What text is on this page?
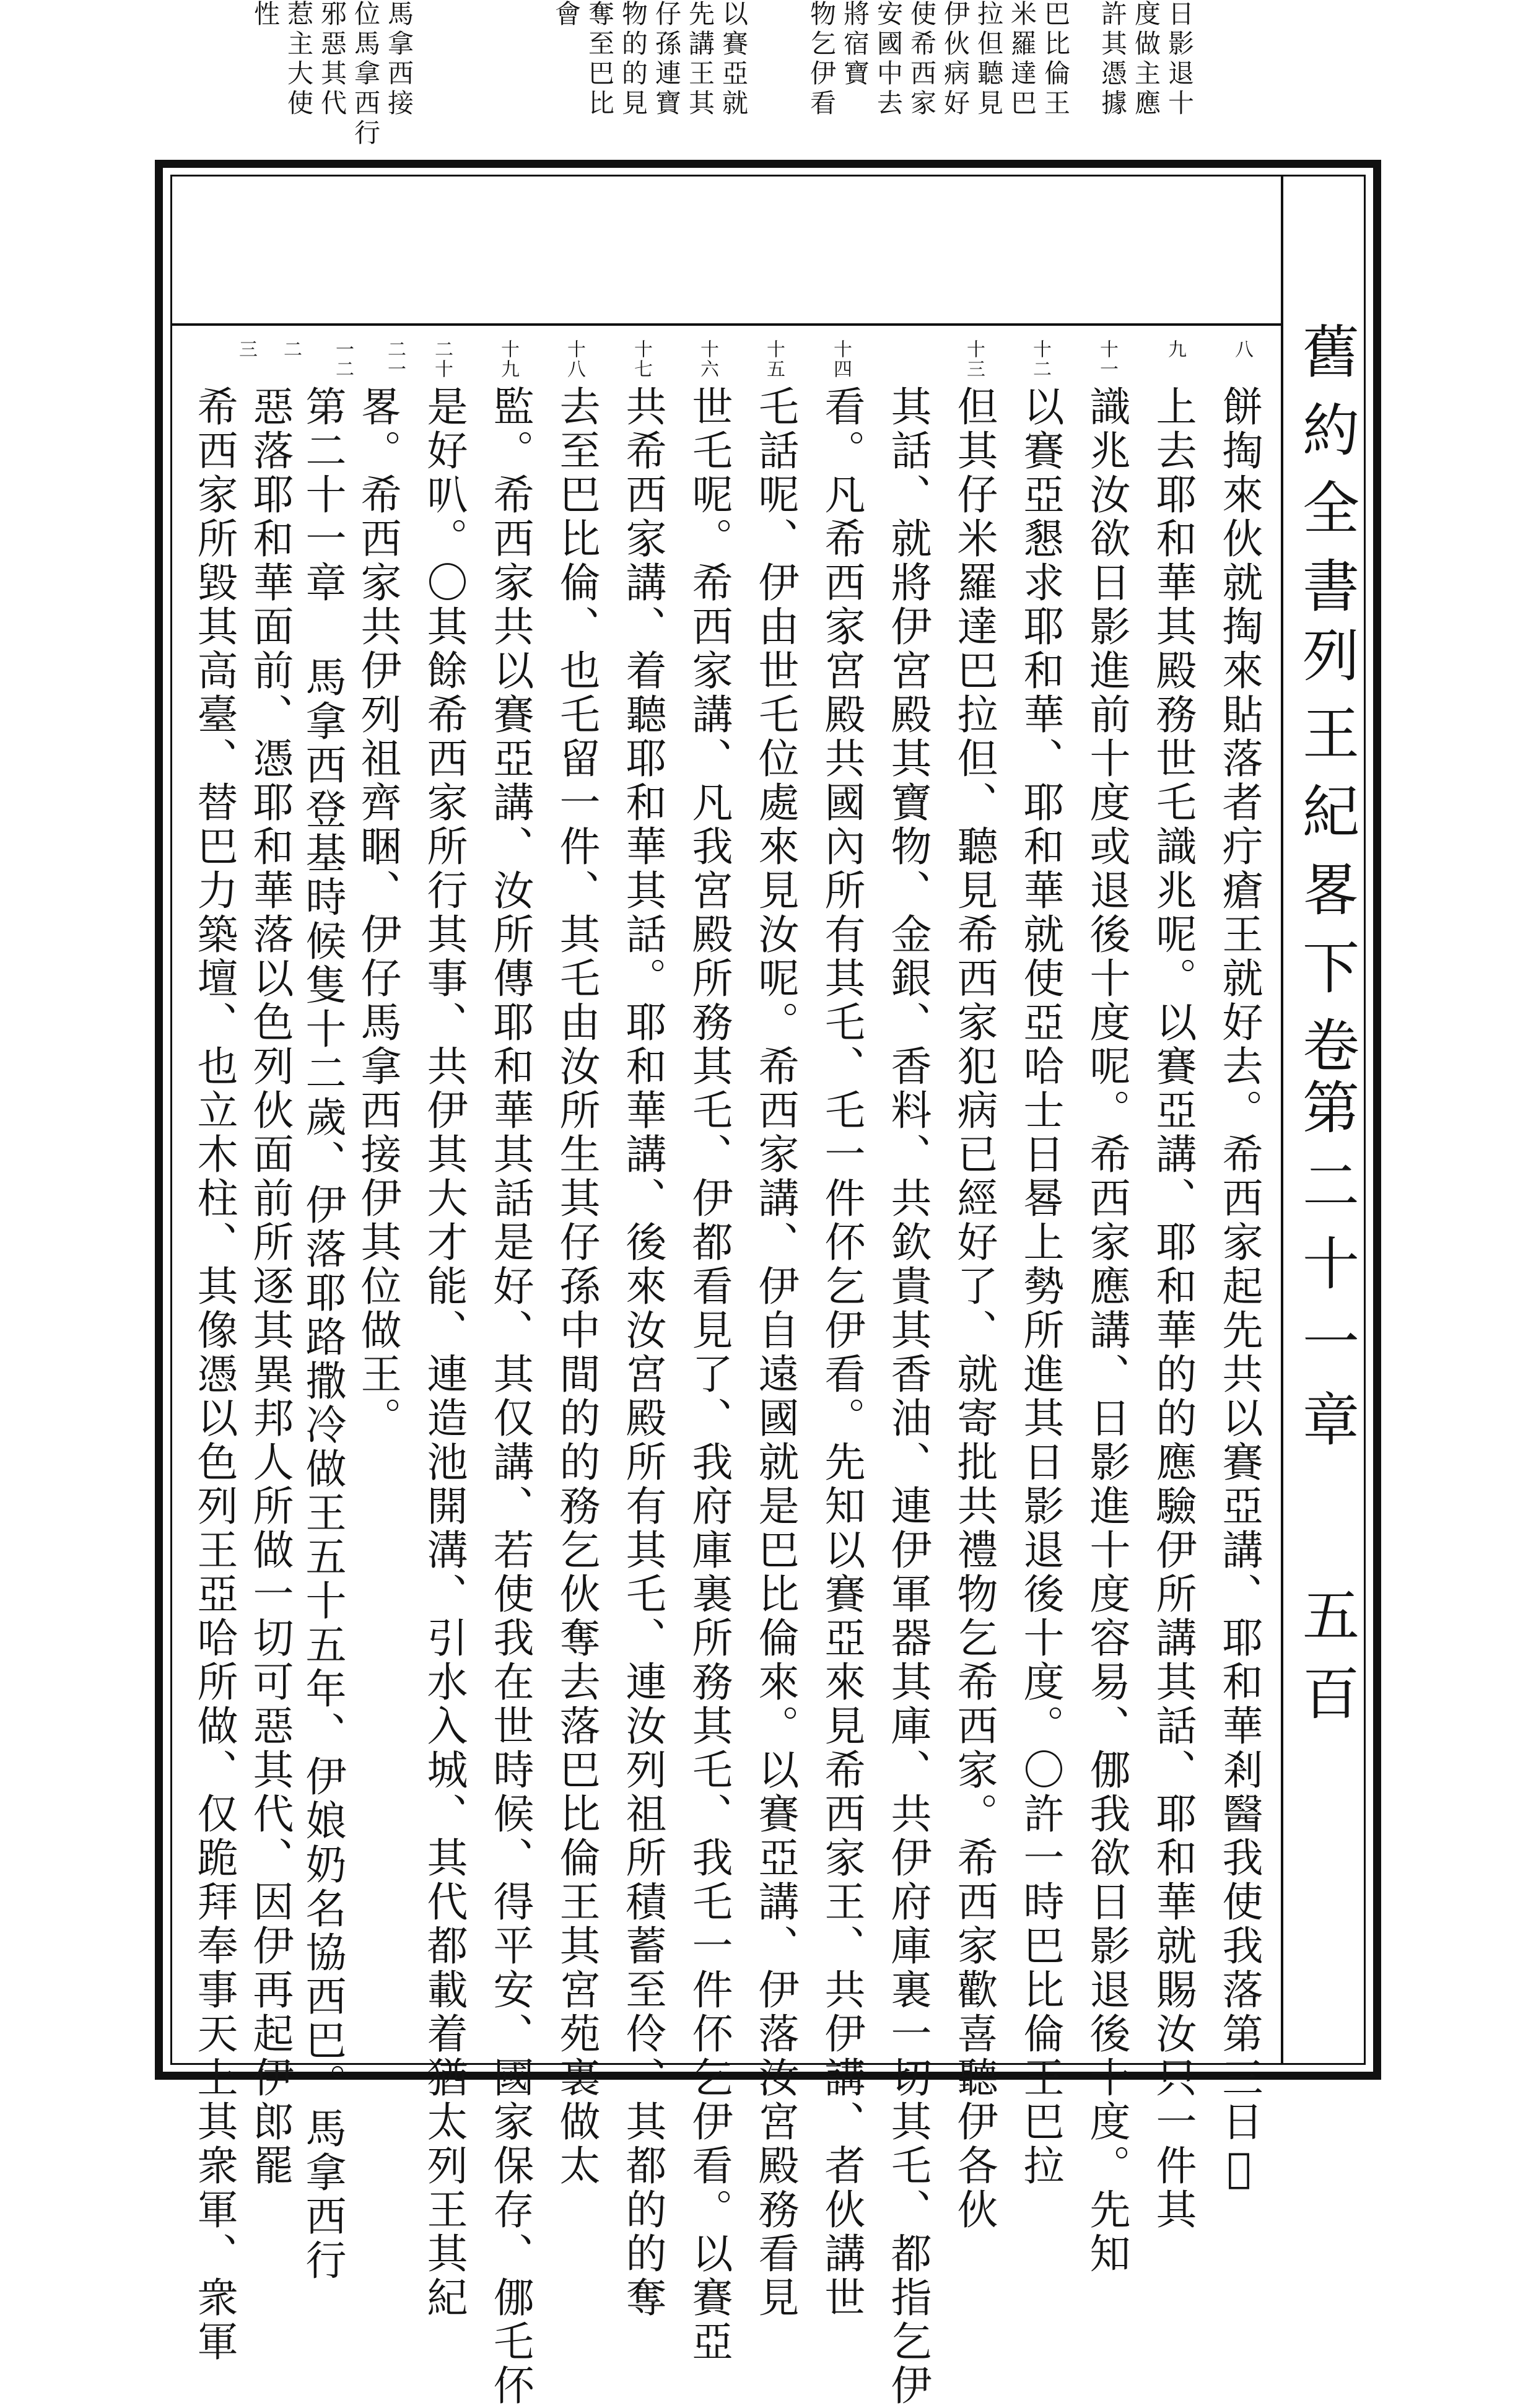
舊約全書
列王紀畧下卷
第二十一章
五百
日影退十
度做主應
許其憑據
巴比倫王
米羅達巴
拉但聽見
伊伙病好
使希西家
安國中去
將宿寶
物乞伊看
以賽亞就
先講王其
仔孫連寶
物的的見
奪至巴比
會
馬拿西接
位馬拿西行
邪惡其代
惹主大使
性
八
九
十一
十二
十三
十四
十五
十六
十七
十八
十九
二十
二一
一二
二
三
餅掏來伙就掏來貼落者疔瘡王就好去。希西家起先共以賽亞講、耶和華剎醫我使我落第三日𡌹
上去耶和華其殿務世乇識兆呢。以賽亞講、耶和華的的應驗伊所講其話、耶和華就賜汝只一件其
識兆汝欲日影進前十度或退後十度呢。希西家應講、日影進十度容易、㑚我欲日影退後十度。先知
以賽亞懇求耶和華、耶和華就使亞哈士日晷上勢所進其日影退後十度。〇許一時巴比倫王巴拉
但其仔米羅達巴拉但、聽見希西家犯病已經好了、就寄批共禮物乞希西家。希西家歡喜聽伊各伙
其話、就將伊宮殿其寶物、金銀、香料、共欽貴其香油、連伊軍器其庫、共伊府庫裏一切其乇、都指乞伊
看。凡希西家宮殿共國內所有其乇、乇一件伓乞伊看。先知以賽亞來見希西家王、共伊講、者伙講世
乇話呢、伊由世乇位處來見汝呢。希西家講、伊自遠國就是巴比倫來。以賽亞講、伊落汝宮殿務看見
世乇呢。希西家講、凡我宮殿所務其乇、伊都看見了、我府庫裏所務其乇、我乇一件伓乞伊看。以賽亞
共希西家講、着聽耶和華其話。耶和華講、後來汝宮殿所有其乇、連汝列祖所積蓄至伶、其都的的奪
去至巴比倫、也乇留一件、其乇由汝所生其仔孫中間的的務乞伙奪去落巴比倫王其宮苑裏做太
監。希西家共以賽亞講、汝所傳耶和華其話是好、其仅講、若使我在世時候、得平安、國家保存、㑚乇伓
是好叭。〇其餘希西家所行其事、共伊其大才能、連造池開溝、引水入城、其代都載着猶太列王其紀
畧。希西家共伊列祖齊睏、伊仔馬拿西接伊其位做王。
第二十一章 馬拿西登基時候隻十二歲、伊落耶路撒冷做王五十五年、伊娘奶名協西巴。馬拿西行
惡落耶和華面前、憑耶和華落以色列伙面前所逐其異邦人所做一切可惡其代、因伊再起伊郎罷
希西家所毀其高臺、替巴力築壇、也立木柱、其像憑以色列王亞哈所做、仅跪拜奉事天上其衆軍、衆軍
